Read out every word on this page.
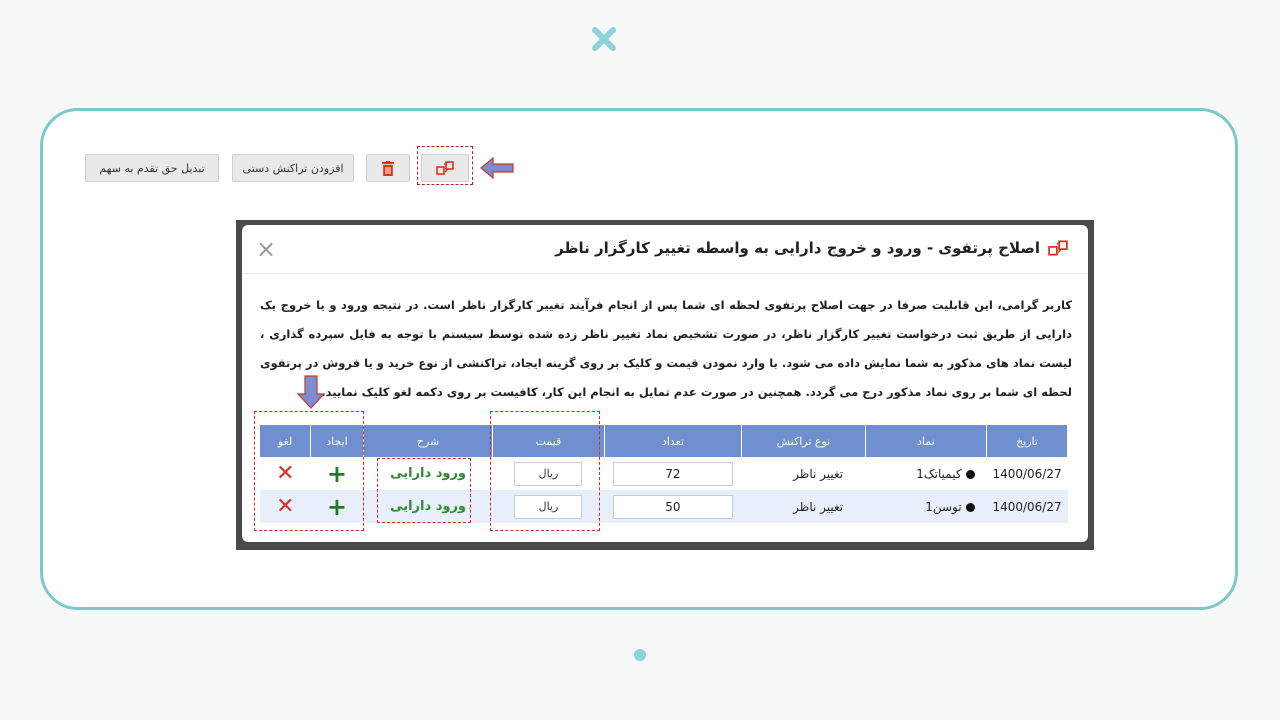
تبدیل حق تقدم به سهم	افزودن تراکنش دستی
اصلاح پرتفوی - ورود و خروج دارایی به واسطه تغییر کارگزار ناظر
×
کاربر گرامی، این قابلیت صرفا در جهت اصلاح پرتفوی لحظه ای شما پس از انجام فرآیند تغییر کارگزار ناظر است. در نتیجه ورود و یا خروج یک دارایی از طریق ثبت درخواست تغییر کارگزار ناظر، در صورت تشخیص نماد تغییر ناظر زده شده توسط سیستم با توجه به فایل سپرده گذاری ، لیست نماد های مذکور به شما نمایش داده می شود. با وارد نمودن قیمت و کلیک بر روی گزینه ایجاد، تراکنشی از نوع خرید و یا فروش در پرتفوی لحظه ای شما بر روی نماد مذکور درج می گردد. همچنین در صورت عدم تمایل به انجام این کار، کافیست بر روی دکمه لغو کلیک نمایید.
تاریخ	نماد	نوع تراکنش	تعداد	قیمت	شرح	ایجاد	لغو
1400/06/27	کیمیاتک1	تغییر ناظر	72	ریال	ورود دارایی	+	✕
1400/06/27	توسن1	تغییر ناظر	50	ریال	ورود دارایی	+	✕
